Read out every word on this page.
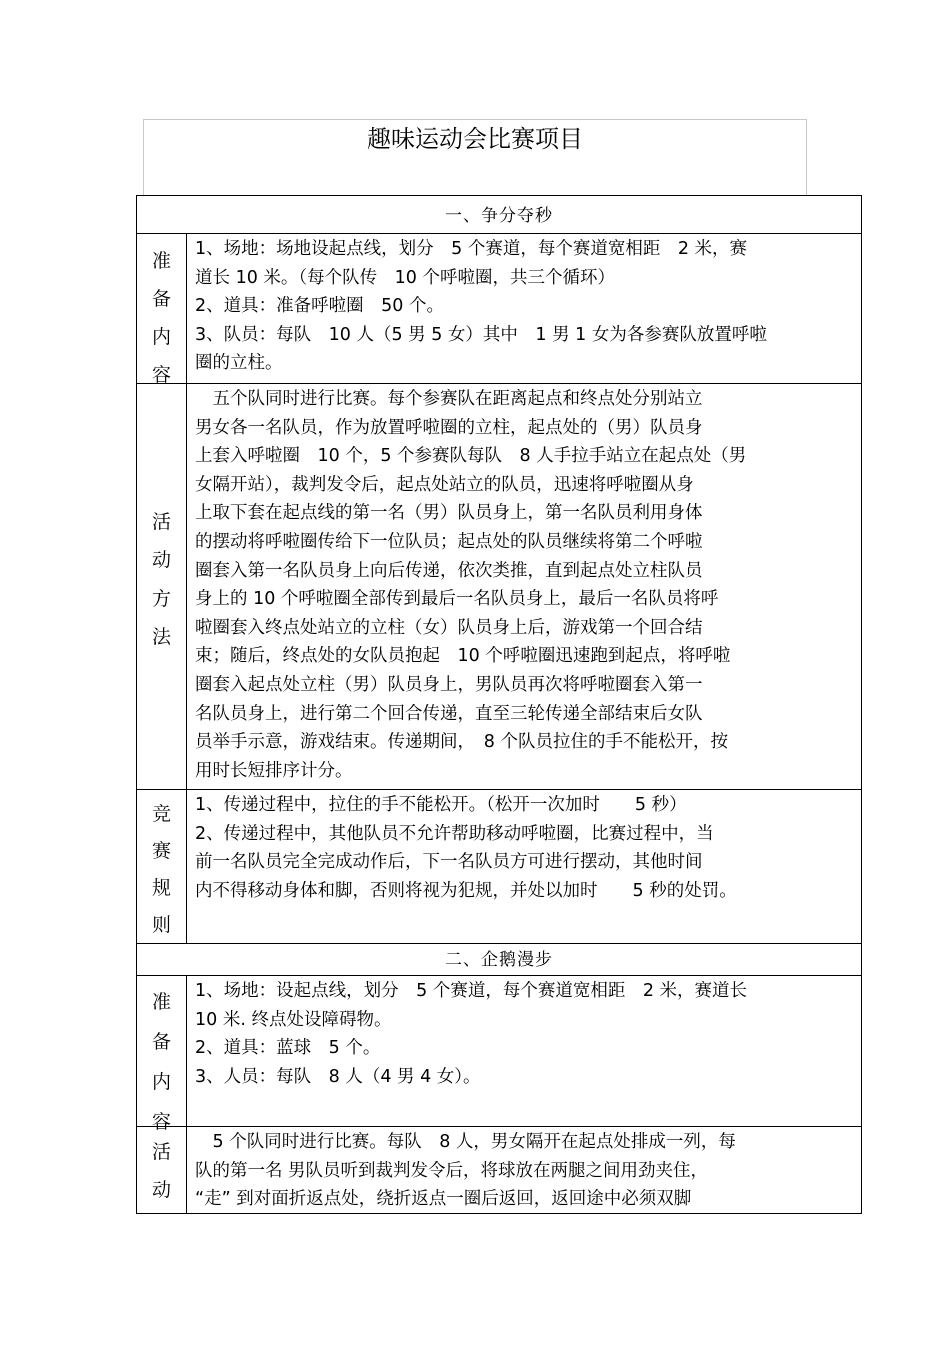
趣味运动会比赛项目
一、争分夺秒
准
备
内
容
1、场地：场地设起点线，划分　5 个赛道，每个赛道宽相距　2 米，赛
道长 10 米。（每个队传　10 个呼啦圈，共三个循环）
2、道具：准备呼啦圈　50 个。
3、队员：每队　10 人（5 男 5 女）其中　1 男 1 女为各参赛队放置呼啦
圈的立柱。
活
动
方
法
　五个队同时进行比赛。每个参赛队在距离起点和终点处分别站立
男女各一名队员，作为放置呼啦圈的立柱，起点处的（男）队员身
上套入呼啦圈　10 个，5 个参赛队每队　8 人手拉手站立在起点处（男
女隔开站），裁判发令后，起点处站立的队员，迅速将呼啦圈从身
上取下套在起点线的第一名（男）队员身上，第一名队员利用身体
的摆动将呼啦圈传给下一位队员；起点处的队员继续将第二个呼啦
圈套入第一名队员身上向后传递，依次类推，直到起点处立柱队员
身上的 10 个呼啦圈全部传到最后一名队员身上，最后一名队员将呼
啦圈套入终点处站立的立柱（女）队员身上后，游戏第一个回合结
束；随后，终点处的女队员抱起　10 个呼啦圈迅速跑到起点，将呼啦
圈套入起点处立柱（男）队员身上，男队员再次将呼啦圈套入第一
名队员身上，进行第二个回合传递，直至三轮传递全部结束后女队
员举手示意，游戏结束。传递期间，　8 个队员拉住的手不能松开，按
用时长短排序计分。
竞
赛
规
则
1、传递过程中，拉住的手不能松开。（松开一次加时　　5 秒）
2、传递过程中，其他队员不允许帮助移动呼啦圈，比赛过程中，当
前一名队员完全完成动作后，下一名队员方可进行摆动，其他时间
内不得移动身体和脚，否则将视为犯规，并处以加时　　5 秒的处罚。
二、企鹅漫步
准
备
内
容
1、场地：设起点线，划分　5 个赛道，每个赛道宽相距　2 米，赛道长
10 米. 终点处设障碍物。
2、道具：蓝球　5 个。
3、人员：每队　8 人（4 男 4 女）。
活
动
　5 个队同时进行比赛。每队　8 人，男女隔开在起点处排成一列，每
队的第一名 男队员听到裁判发令后，将球放在两腿之间用劲夹住，
“走” 到对面折返点处，绕折返点一圈后返回，返回途中必须双脚
